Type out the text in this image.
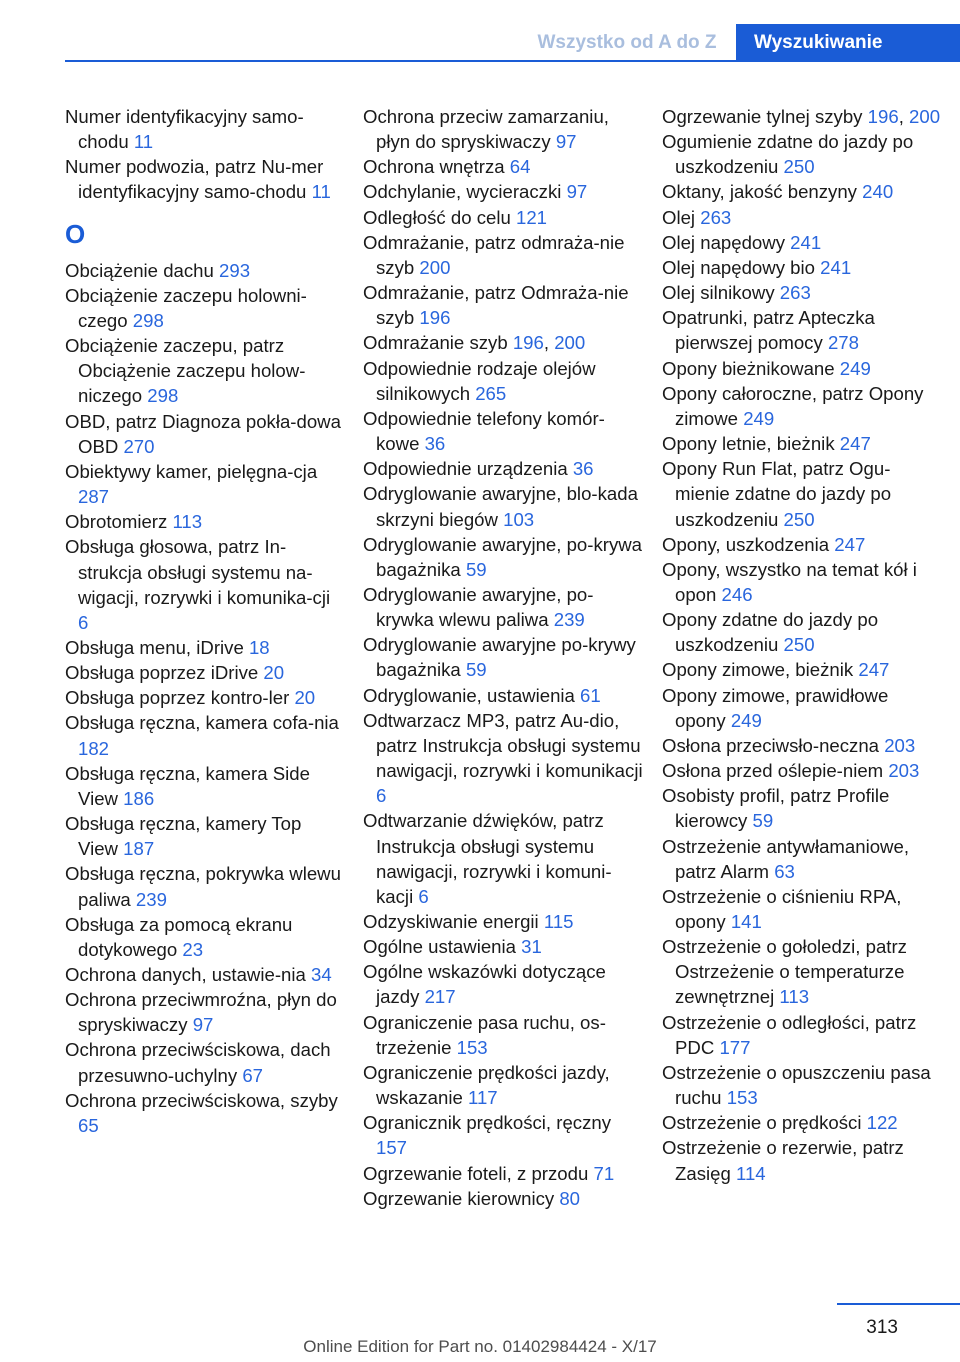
Wszystko od A do Z	Wyszukiwanie

Numer identyfikacyjny samo-chodu 11

Numer podwozia, patrz Nu-mer identyfikacyjny samo-chodu 11

O

Obciążenie dachu 293

Obciążenie zaczepu holowni-czego 298

Obciążenie zaczepu, patrz Obciążenie zaczepu holow-niczego 298

OBD, patrz Diagnoza pokła-dowa OBD 270

Obiektywy kamer, pielęgna-cja 287

Obrotomierz 113

Obsługa głosowa, patrz In-strukcja obsługi systemu na-wigacji, rozrywki i komunika-cji 6

Obsługa menu, iDrive 18

Obsługa poprzez iDrive 20

Obsługa poprzez kontro-ler 20

Obsługa ręczna, kamera cofa-nia 182

Obsługa ręczna, kamera Side View 186

Obsługa ręczna, kamery Top View 187

Obsługa ręczna, pokrywka wlewu paliwa 239

Obsługa za pomocą ekranu dotykowego 23

Ochrona danych, ustawie-nia 34

Ochrona przeciwmroźna, płyn do spryskiwaczy 97

Ochrona przeciwściskowa, dach przesuwno-uchylny 67

Ochrona przeciwściskowa, szyby 65

Ochrona przeciw zamarzaniu, płyn do spryskiwaczy 97

Ochrona wnętrza 64

Odchylanie, wycieraczki 97

Odległość do celu 121

Odmrażanie, patrz odmraża-nie szyb 200

Odmrażanie, patrz Odmraża-nie szyb 196

Odmrażanie szyb 196, 200

Odpowiednie rodzaje olejów silnikowych 265

Odpowiednie telefony komór-kowe 36

Odpowiednie urządzenia 36

Odryglowanie awaryjne, blo-kada skrzyni biegów 103

Odryglowanie awaryjne, po-krywa bagażnika 59

Odryglowanie awaryjne, po-krywka wlewu paliwa 239

Odryglowanie awaryjne po-krywy bagażnika 59

Odryglowanie, ustawienia 61

Odtwarzacz MP3, patrz Au-dio, patrz Instrukcja obsługi systemu nawigacji, rozrywki i komunikacji 6

Odtwarzanie dźwięków, patrz Instrukcja obsługi systemu nawigacji, rozrywki i komuni-kacji 6

Odzyskiwanie energii 115

Ogólne ustawienia 31

Ogólne wskazówki dotyczące jazdy 217

Ograniczenie pasa ruchu, os-trzeżenie 153

Ograniczenie prędkości jazdy, wskazanie 117

Ogranicznik prędkości, ręczny 157

Ogrzewanie foteli, z przodu 71

Ogrzewanie kierownicy 80

Ogrzewanie tylnej szyby 196, 200

Ogumienie zdatne do jazdy po uszkodzeniu 250

Oktany, jakość benzyny 240

Olej 263

Olej napędowy 241

Olej napędowy bio 241

Olej silnikowy 263

Opatrunki, patrz Apteczka pierwszej pomocy 278

Opony bieżnikowane 249

Opony całoroczne, patrz Opony zimowe 249

Opony letnie, bieżnik 247

Opony Run Flat, patrz Ogu-mienie zdatne do jazdy po uszkodzeniu 250

Opony, uszkodzenia 247

Opony, wszystko na temat kół i opon 246

Opony zdatne do jazdy po uszkodzeniu 250

Opony zimowe, bieżnik 247

Opony zimowe, prawidłowe opony 249

Osłona przeciwsło-neczna 203

Osłona przed oślepie-niem 203

Osobisty profil, patrz Profile kierowcy 59

Ostrzeżenie antywłamaniowe, patrz Alarm 63

Ostrzeżenie o ciśnieniu RPA, opony 141

Ostrzeżenie o gołoledzi, patrz Ostrzeżenie o temperaturze zewnętrznej 113

Ostrzeżenie o odległości, patrz PDC 177

Ostrzeżenie o opuszczeniu pasa ruchu 153

Ostrzeżenie o prędkości 122

Ostrzeżenie o rezerwie, patrz Zasięg 114

313
Online Edition for Part no. 01402984424 - X/17
